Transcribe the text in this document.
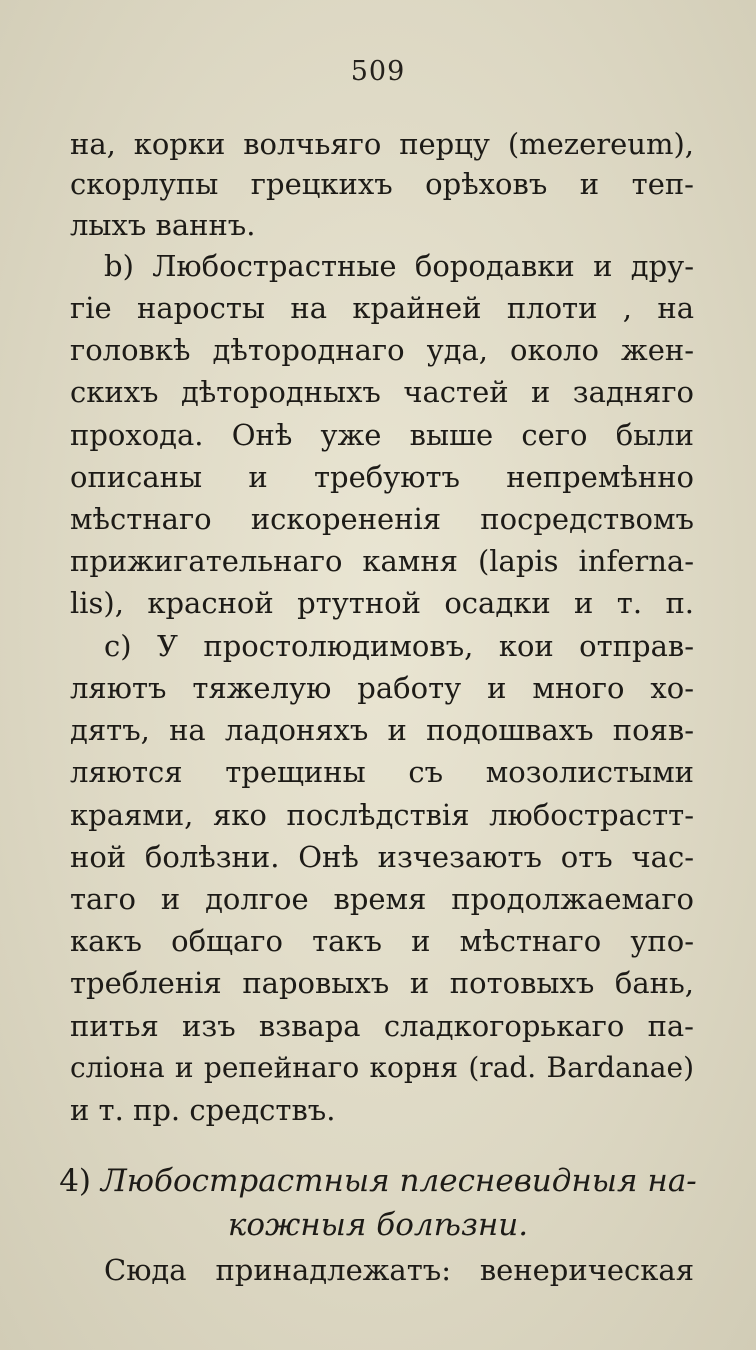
509
на, корки волчьяго перцу (mezereum),
скорлупы грецкихъ орѣховъ и теп-
лыхъ ваннъ.
b) Любострастные бородавки и дру-
гіе наросты на крайней плоти , на
головкѣ дѣтороднаго уда, около жен-
скихъ дѣтородныхъ частей и задняго
прохода. Онѣ уже выше сего были
описаны и требуютъ непремѣнно
мѣстнаго искорененія посредствомъ
прижигательнаго камня (lapis inferna-
lis), красной ртутной осадки и т. п.
c) У простолюдимовъ, кои отправ-
ляютъ тяжелую работу и много хо-
дятъ, на ладоняхъ и подошвахъ появ-
ляются трещины съ мозолистыми
краями, яко послѣдствія любострастт-
ной болѣзни. Онѣ изчезаютъ отъ час-
таго и долгое время продолжаемаго
какъ общаго такъ и мѣстнаго упо-
требленія паровыхъ и потовыхъ бань,
питья изъ взвара сладкогорькаго па-
сліона и репейнаго корня (rad. Bardanae)
и т. пр. средствъ.
4) Любострастныя плесневидныя на-
кожныя болѣзни.
Сюда принадлежатъ: венерическая
